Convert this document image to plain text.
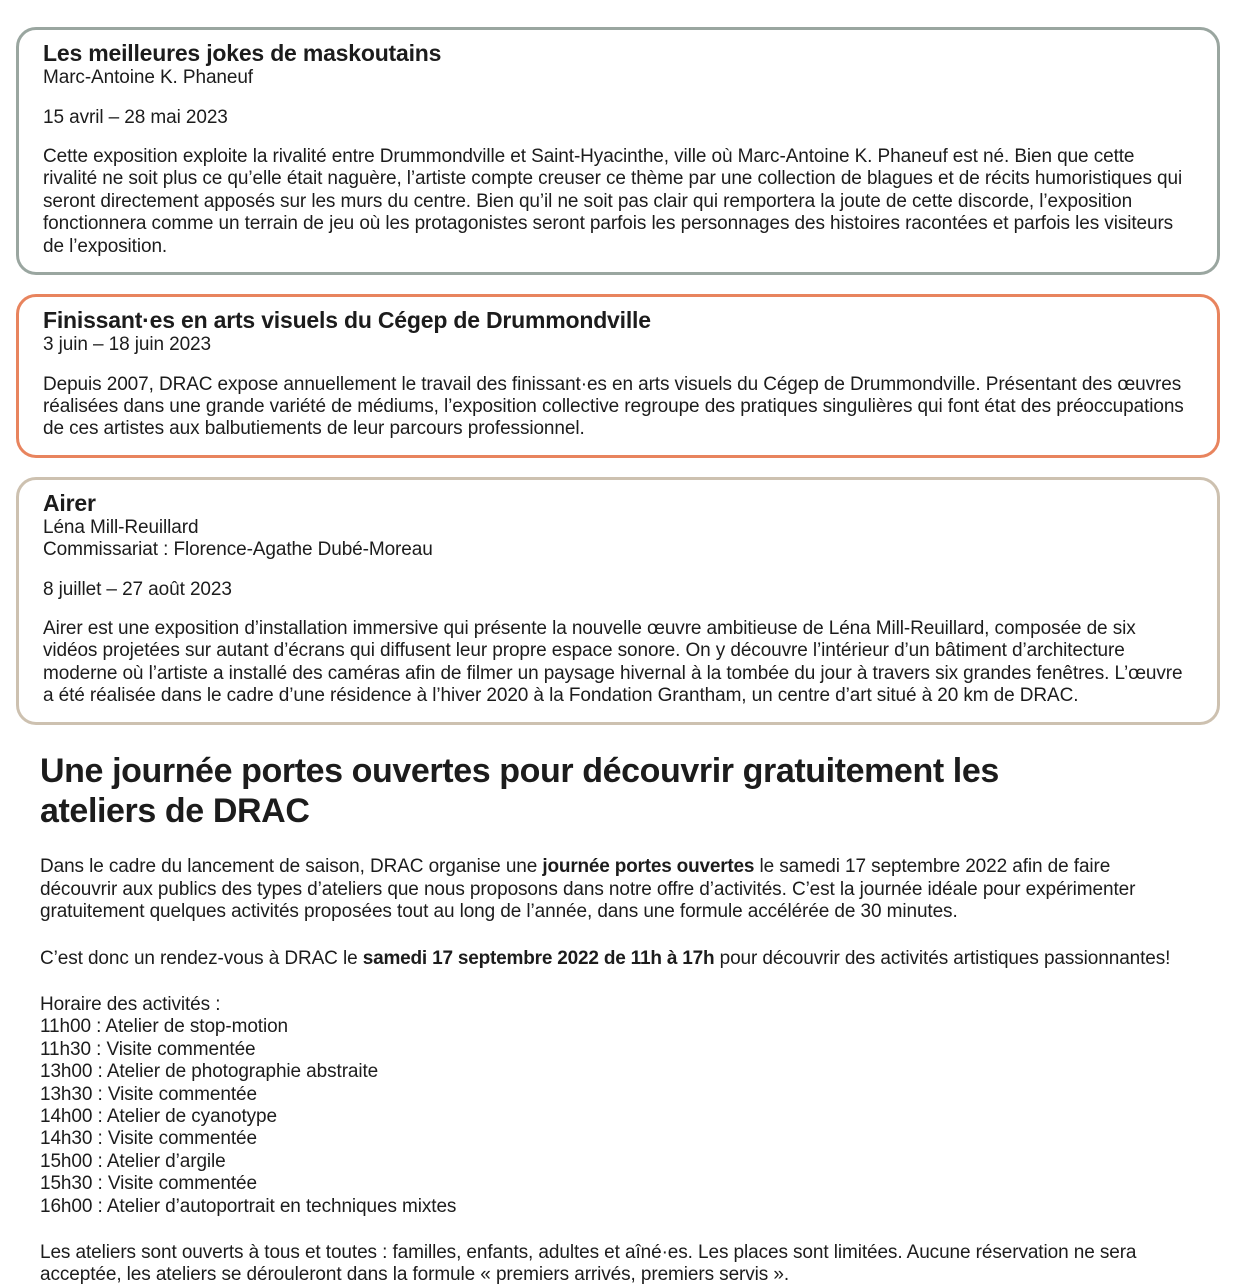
Les meilleures jokes de maskoutains

Marc-Antoine K. Phaneuf

15 avril – 28 mai 2023

Cette exposition exploite la rivalité entre Drummondville et Saint-Hyacinthe, ville où Marc-Antoine K. Phaneuf est né. Bien que cette rivalité ne soit plus ce qu’elle était naguère, l’artiste compte creuser ce thème par une collection de blagues et de récits humoristiques qui seront directement apposés sur les murs du centre. Bien qu’il ne soit pas clair qui remportera la joute de cette discorde, l’exposition fonctionnera comme un terrain de jeu où les protagonistes seront parfois les personnages des histoires racontées et parfois les visiteurs de l’exposition.

Finissant·es en arts visuels du Cégep de Drummondville

3 juin – 18 juin 2023

Depuis 2007, DRAC expose annuellement le travail des finissant·es en arts visuels du Cégep de Drummondville. Présentant des œuvres réalisées dans une grande variété de médiums, l’exposition collective regroupe des pratiques singulières qui font état des préoccupations de ces artistes aux balbutiements de leur parcours professionnel.

Airer

Léna Mill-Reuillard

Commissariat : Florence-Agathe Dubé-Moreau

8 juillet – 27 août 2023

Airer est une exposition d’installation immersive qui présente la nouvelle œuvre ambitieuse de Léna Mill-Reuillard, composée de six vidéos projetées sur autant d’écrans qui diffusent leur propre espace sonore. On y découvre l’intérieur d’un bâtiment d’architecture moderne où l’artiste a installé des caméras afin de filmer un paysage hivernal à la tombée du jour à travers six grandes fenêtres. L’œuvre a été réalisée dans le cadre d’une résidence à l’hiver 2020 à la Fondation Grantham, un centre d’art situé à 20 km de DRAC.

Une journée portes ouvertes pour découvrir gratuitement les ateliers de DRAC

Dans le cadre du lancement de saison, DRAC organise une journée portes ouvertes le samedi 17 septembre 2022 afin de faire découvrir aux publics des types d’ateliers que nous proposons dans notre offre d’activités. C’est la journée idéale pour expérimenter gratuitement quelques activités proposées tout au long de l’année, dans une formule accélérée de 30 minutes.

C’est donc un rendez-vous à DRAC le samedi 17 septembre 2022 de 11h à 17h pour découvrir des activités artistiques passionnantes!

Horaire des activités :

11h00 : Atelier de stop-motion

11h30 : Visite commentée

13h00 : Atelier de photographie abstraite

13h30 : Visite commentée

14h00 : Atelier de cyanotype

14h30 : Visite commentée

15h00 : Atelier d’argile

15h30 : Visite commentée

16h00 : Atelier d’autoportrait en techniques mixtes

Les ateliers sont ouverts à tous et toutes : familles, enfants, adultes et aîné·es. Les places sont limitées. Aucune réservation ne sera acceptée, les ateliers se dérouleront dans la formule « premiers arrivés, premiers servis ».
